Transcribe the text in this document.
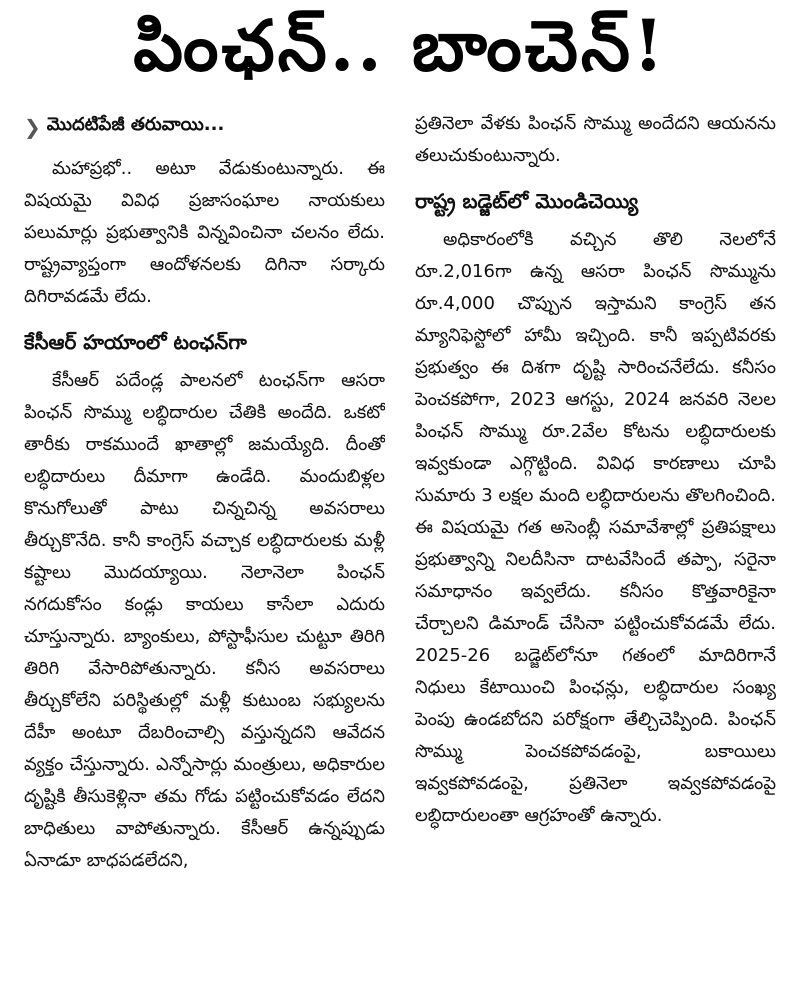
పింఛన్.. బాంచెన్!
❯ మొదటిపేజీ తరువాయి...

మహాప్రభో.. అటూ వేడుకుంటున్నారు. ఈ విషయమై వివిధ ప్రజాసంఘాల నాయకులు పలుమార్లు ప్రభుత్వానికి విన్నవించినా చలనం లేదు. రాష్ట్రవ్యాప్తంగా ఆందోళనలకు దిగినా సర్కారు దిగిరావడమే లేదు.

కేసీఆర్ హయాంలో టంఛన్‌గా

కేసీఆర్ పదేండ్ల పాలనలో టంఛన్‌గా ఆసరా పింఛన్ సొమ్ము లబ్ధిదారుల చేతికి అందేది. ఒకటో తారీకు రాకముందే ఖాతాల్లో జమయ్యేది. దీంతో లబ్ధిదారులు దీమాగా ఉండేది. మందుబిళ్లల కొనుగోలుతో పాటు చిన్నచిన్న అవసరాలు తీర్చుకొనేది. కానీ కాంగ్రెస్ వచ్చాక లబ్ధిదారులకు మళ్లీ కష్టాలు మొదయ్యాయి. నెలానెలా పింఛన్ నగదుకోసం కండ్లు కాయలు కాసేలా ఎదురు చూస్తున్నారు. బ్యాంకులు, పోస్టాఫీసుల చుట్టూ తిరిగి తిరిగి వేసారిపోతున్నారు. కనీస అవసరాలు తీర్చుకోలేని పరిస్థితుల్లో మళ్లీ కుటుంబ సభ్యులను దేహీ అంటూ దేబరించాల్సి వస్తున్నదని ఆవేదన వ్యక్తం చేస్తున్నారు. ఎన్నోసార్లు మంత్రులు, అధికారుల దృష్టికి తీసుకెళ్లినా తమ గోడు పట్టించుకోవడం లేదని బాధితులు వాపోతున్నారు. కేసీఆర్ ఉన్నప్పుడు ఏనాడూ బాధపడలేదని,

ప్రతినెలా వేళకు పింఛన్ సొమ్ము అందేదని ఆయనను తలుచుకుంటున్నారు.

రాష్ట్ర బడ్జెట్‌లో మొండిచెయ్యి

అధికారంలోకి వచ్చిన తొలి నెలలోనే రూ.2,016గా ఉన్న ఆసరా పింఛన్ సొమ్మును రూ.4,000 చొప్పున ఇస్తామని కాంగ్రెస్ తన మ్యానిఫెస్టోలో హామీ ఇచ్చింది. కానీ ఇప్పటివరకు ప్రభుత్వం ఈ దిశగా దృష్టి సారించనేలేదు. కనీసం పెంచకపోగా, 2023 ఆగస్టు, 2024 జనవరి నెలల పింఛన్ సొమ్ము రూ.2వేల కోటను లబ్ధిదారులకు ఇవ్వకుండా ఎగ్గొట్టింది. వివిధ కారణాలు చూపి సుమారు 3 లక్షల మంది లబ్ధిదారులను తొలగించింది. ఈ విషయమై గత అసెంబ్లీ సమావేశాల్లో ప్రతిపక్షాలు ప్రభుత్వాన్ని నిలదీసినా దాటవేసిందే తప్పా, సరైనా సమాధానం ఇవ్వలేదు. కనీసం కొత్తవారికైనా చేర్చాలని డిమాండ్ చేసినా పట్టించుకోవడమే లేదు. 2025-26 బడ్జెట్‌లోనూ గతంలో మాదిరిగానే నిధులు కేటాయించి పింఛన్లు, లబ్ధిదారుల సంఖ్య పెంపు ఉండబోదని పరోక్షంగా తేల్చిచెప్పింది. పింఛన్ సొమ్ము పెంచకపోవడంపై, బకాయిలు ఇవ్వకపోవడంపై, ప్రతినెలా ఇవ్వకపోవడంపై లబ్ధిదారులంతా ఆగ్రహంతో ఉన్నారు.
